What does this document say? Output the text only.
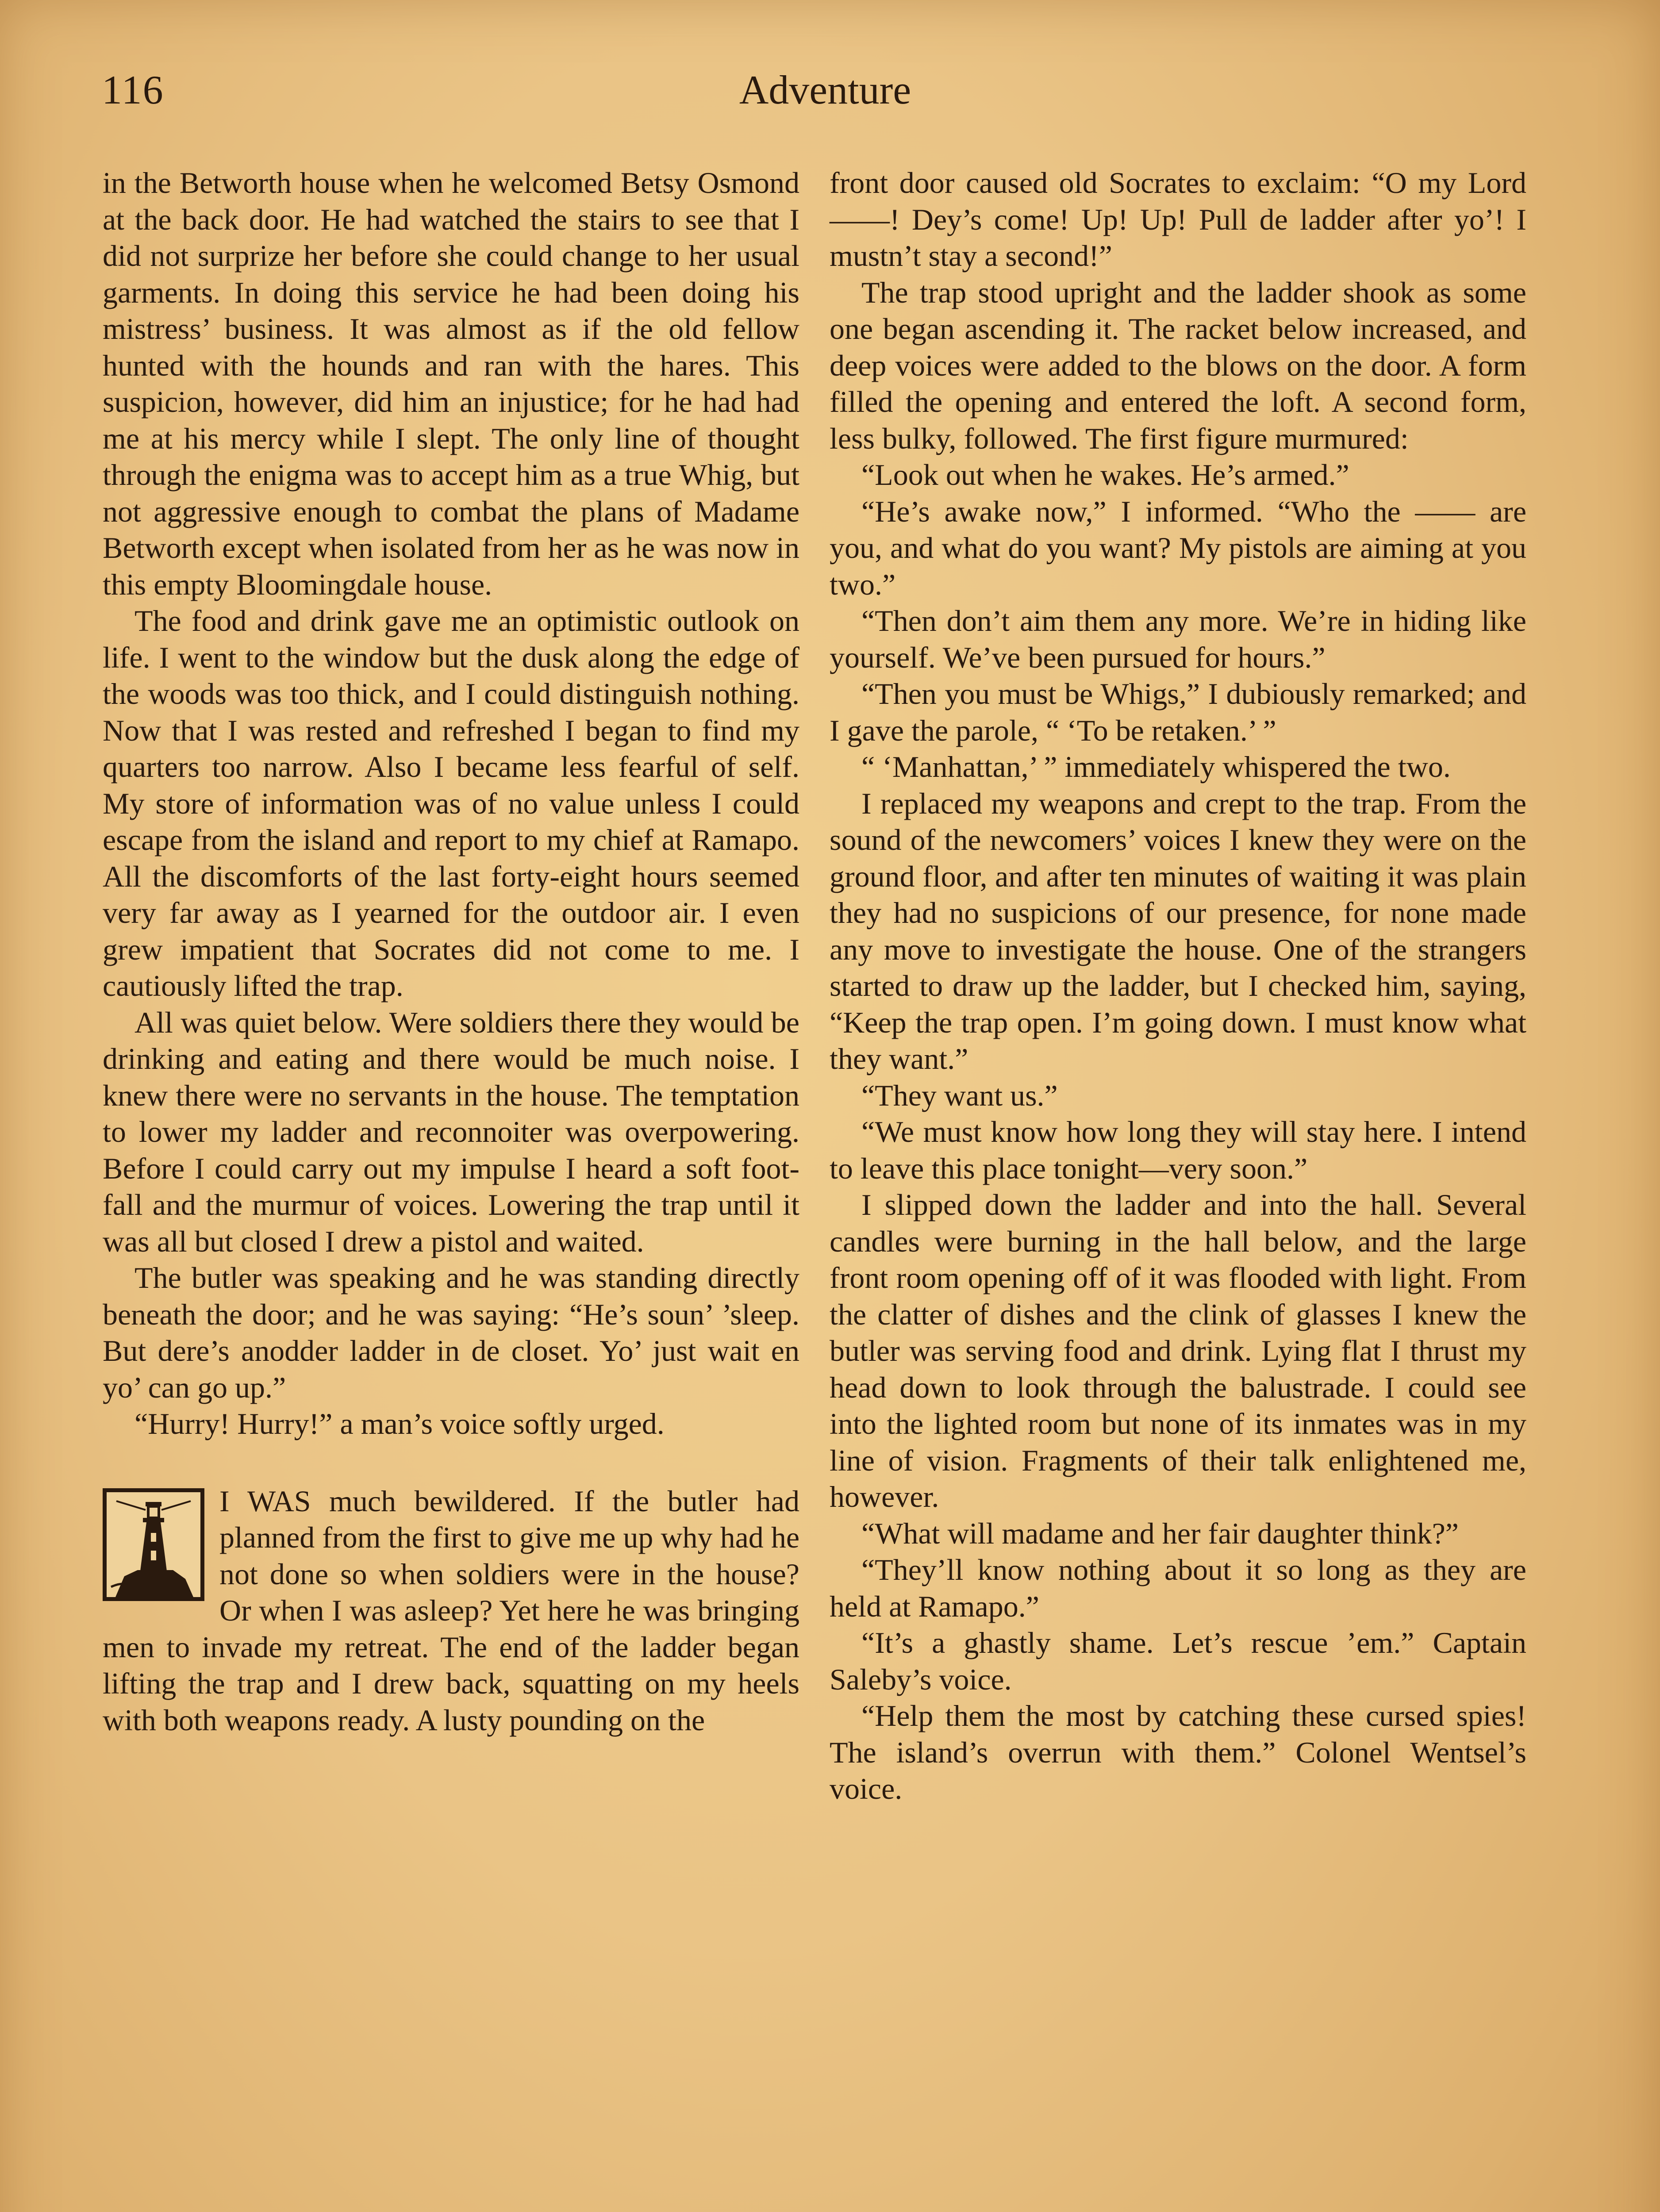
116	Adventure

in the Betworth house when he welcomed Betsy Osmond at the back door. He had watched the stairs to see that I did not surprize her before she could change to her usual garments. In doing this service he had been doing his mistress’ business. It was almost as if the old fellow hunted with the hounds and ran with the hares. This suspicion, however, did him an injustice; for he had had me at his mercy while I slept. The only line of thought through the enigma was to accept him as a true Whig, but not aggressive enough to combat the plans of Madame Betworth except when isolated from her as he was now in this empty Bloomingdale house.

The food and drink gave me an optimistic outlook on life. I went to the window but the dusk along the edge of the woods was too thick, and I could distinguish nothing. Now that I was rested and refreshed I began to find my quarters too narrow. Also I became less fearful of self. My store of information was of no value unless I could escape from the island and report to my chief at Ramapo. All the discomforts of the last forty-eight hours seemed very far away as I yearned for the outdoor air. I even grew impatient that Socrates did not come to me. I cautiously lifted the trap.

All was quiet below. Were soldiers there they would be drinking and eating and there would be much noise. I knew there were no servants in the house. The temptation to lower my ladder and reconnoiter was overpowering. Before I could carry out my impulse I heard a soft foot-fall and the murmur of voices. Lowering the trap until it was all but closed I drew a pistol and waited.

The butler was speaking and he was standing directly beneath the door; and he was saying: “He’s soun’ ’sleep. But dere’s anodder ladder in de closet. Yo’ just wait en yo’ can go up.”

“Hurry! Hurry!” a man’s voice softly urged.

I WAS much bewildered. If the butler had planned from the first to give me up why had he not done so when soldiers were in the house? Or when I was asleep? Yet here he was bringing men to invade my retreat. The end of the ladder began lifting the trap and I drew back, squatting on my heels with both weapons ready. A lusty pounding on the

front door caused old Socrates to exclaim: “O my Lord ——! Dey’s come! Up! Up! Pull de ladder after yo’! I mustn’t stay a second!”

The trap stood upright and the ladder shook as some one began ascending it. The racket below increased, and deep voices were added to the blows on the door. A form filled the opening and entered the loft. A second form, less bulky, followed. The first figure murmured:

“Look out when he wakes. He’s armed.”

“He’s awake now,” I informed. “Who the —— are you, and what do you want? My pistols are aiming at you two.”

“Then don’t aim them any more. We’re in hiding like yourself. We’ve been pursued for hours.”

“Then you must be Whigs,” I dubiously remarked; and I gave the parole, “ ‘To be retaken.’ ”

“ ‘Manhattan,’ ” immediately whispered the two.

I replaced my weapons and crept to the trap. From the sound of the newcomers’ voices I knew they were on the ground floor, and after ten minutes of waiting it was plain they had no suspicions of our presence, for none made any move to investigate the house. One of the strangers started to draw up the ladder, but I checked him, saying, “Keep the trap open. I’m going down. I must know what they want.”

“They want us.”

“We must know how long they will stay here. I intend to leave this place tonight—very soon.”

I slipped down the ladder and into the hall. Several candles were burning in the hall below, and the large front room opening off of it was flooded with light. From the clatter of dishes and the clink of glasses I knew the butler was serving food and drink. Lying flat I thrust my head down to look through the balustrade. I could see into the lighted room but none of its inmates was in my line of vision. Fragments of their talk enlightened me, however.

“What will madame and her fair daughter think?”

“They’ll know nothing about it so long as they are held at Ramapo.”

“It’s a ghastly shame. Let’s rescue ’em.” Captain Saleby’s voice.

“Help them the most by catching these cursed spies! The island’s overrun with them.” Colonel Wentsel’s voice.
